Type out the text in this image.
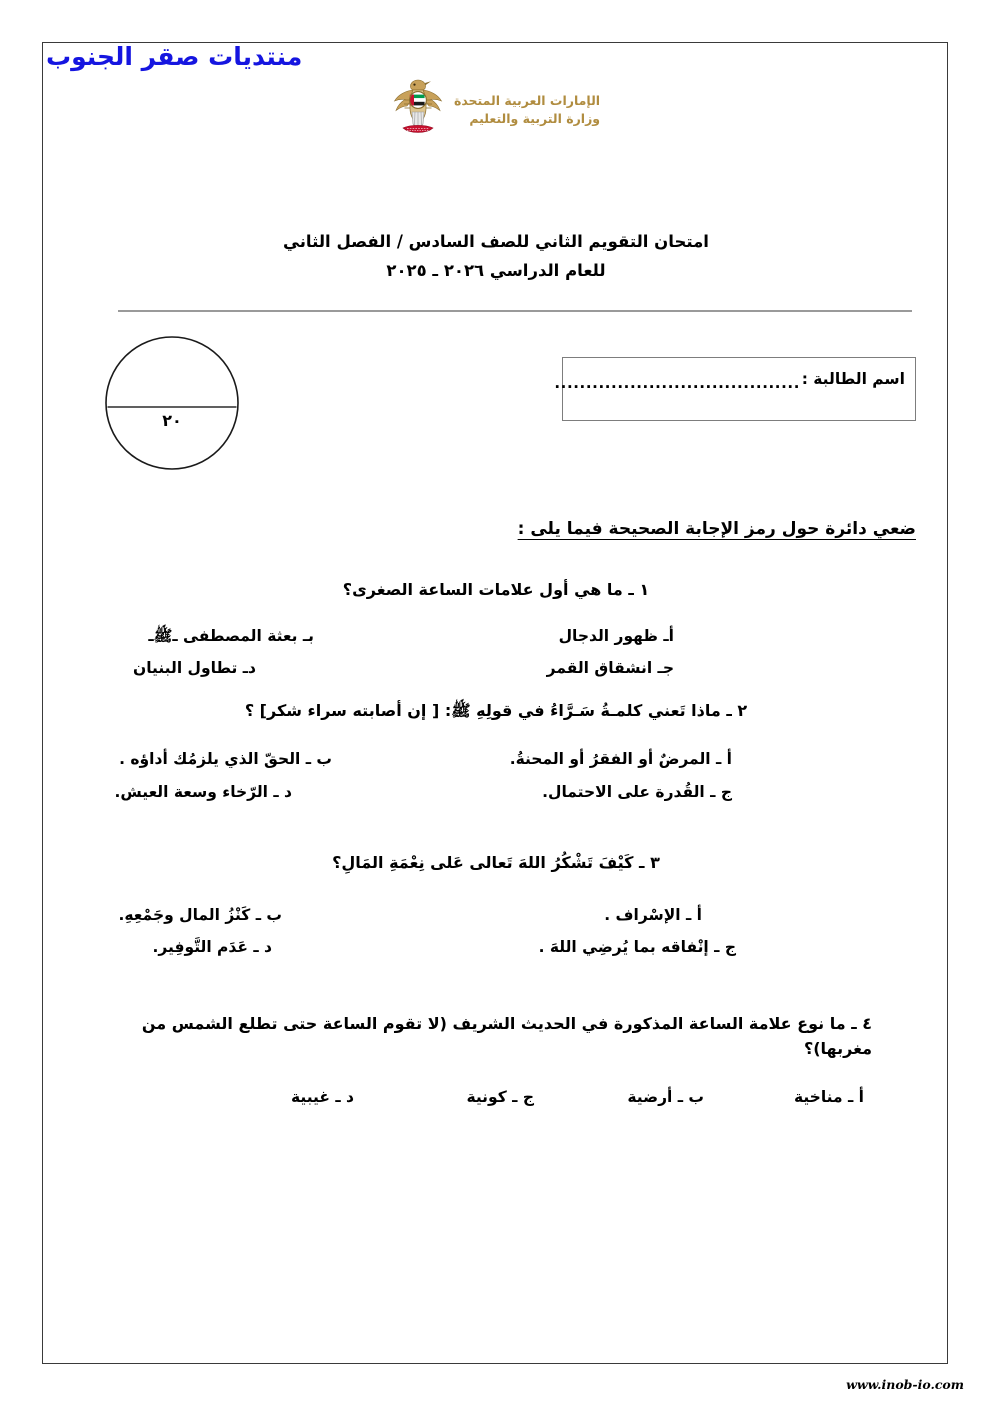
منتديات صقر الجنوب
الإمارات العربية المتحدة
وزارة التربية والتعليم
امتحان التقويم الثاني للصف السادس / الفصل الثاني
للعام الدراسي ٢٠٢٦ ـ ٢٠٢٥
٢٠
اسم الطالبة :
.......................................
ضعي دائرة حول رمز الإجابة الصحيحة فيما يلى :
١ ـ ما هي أول علامات الساعة الصغرى؟
أـ ظهور الدجال
بـ بعثة المصطفى ـﷺـ
جـ انشقاق القمر
دـ تطاول البنيان
٢ ـ ماذا تَعني كلمـةُ سَـرَّاءُ في قولِهِ ﷺ: [ إن أصابته سراء شكر] ؟
أ ـ المرضٌ أو الفقرُ أو المحنةُ.
ب ـ الحقّ الذي يلزمُك أداؤه .
ج ـ القُدرة على الاحتمال.
د ـ الرّخاء وسعة العيش.
٣ ـ كَيْفَ تَشْكُرُ اللهَ تَعالى عَلى نِعْمَةِ المَالِ؟
أ ـ الإسْراف .
ب ـ كَنْزُ المال وجَمْعِهِ.
ج ـ إنْفاقه بما يُرضِي اللهَ .
د ـ عَدَم التَّوفِير.
٤ ـ ما نوع علامة الساعة المذكورة في الحديث الشريف (لا تقوم الساعة حتى تطلع الشمس من مغربها)؟
أ ـ مناخية
ب ـ أرضية
ج ـ كونية
د ـ غيبية
www.inob-io.com
